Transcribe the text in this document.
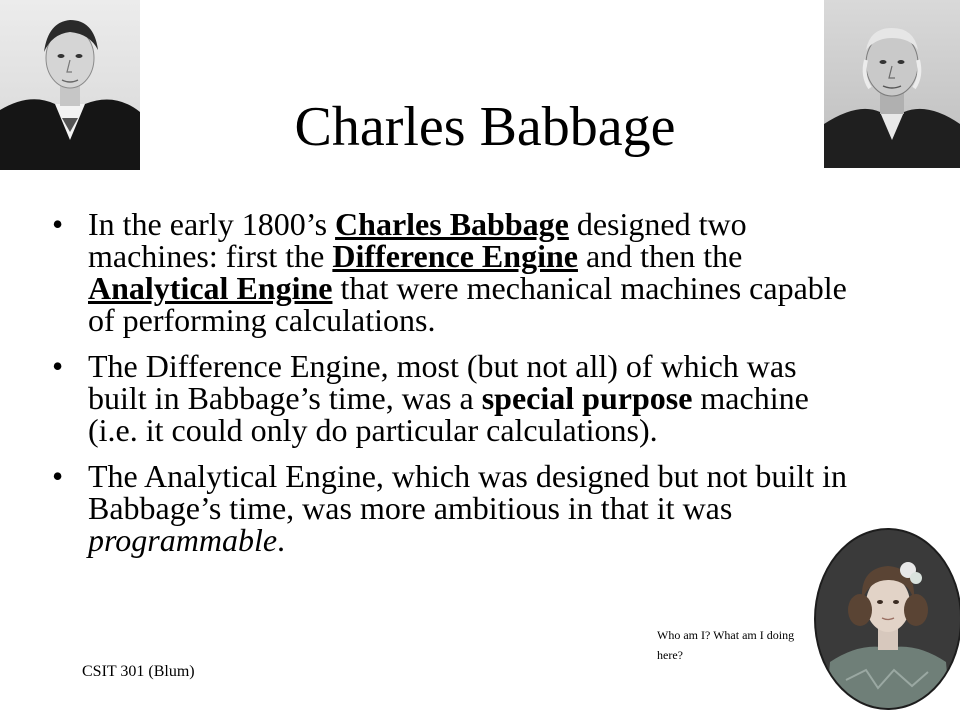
Charles Babbage
• In the early 1800’s Charles Babbage designed two machines: first the Difference Engine and then the Analytical Engine that were mechanical machines capable of performing calculations.
• The Difference Engine, most (but not all) of which was built in Babbage’s time, was a special purpose machine (i.e. it could only do particular calculations).
• The Analytical Engine, which was designed but not built in Babbage’s time, was more ambitious in that it was programmable.
Who am I? What am I doing here?
CSIT 301 (Blum)
